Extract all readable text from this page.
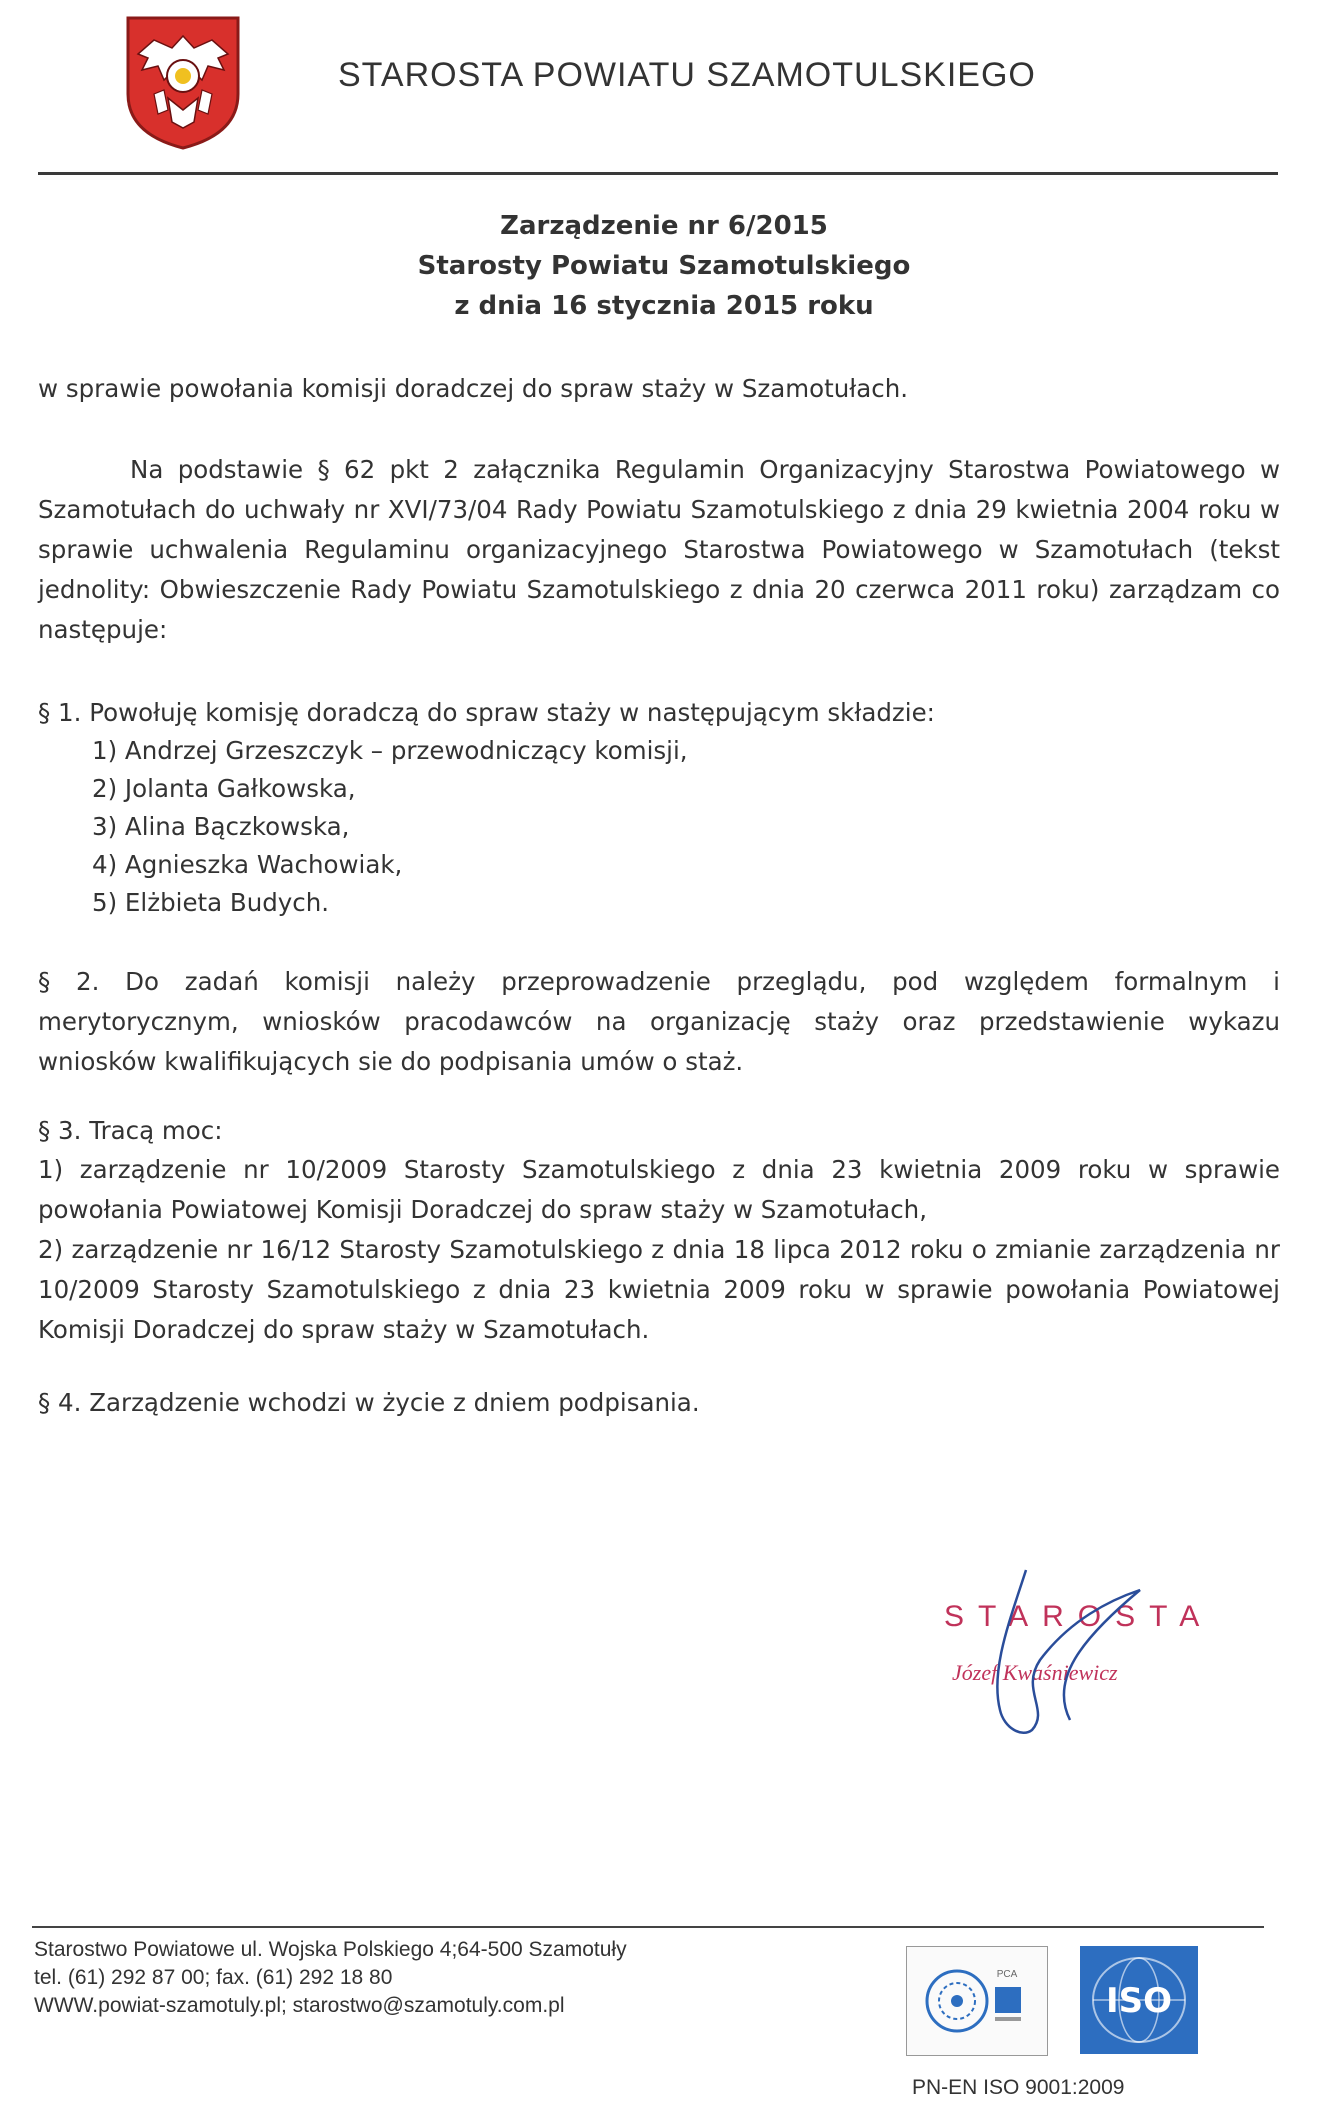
STAROSTA POWIATU SZAMOTULSKIEGO
Zarządzenie nr 6/2015
Starosty Powiatu Szamotulskiego
z dnia 16 stycznia 2015 roku
w sprawie powołania komisji doradczej do spraw staży w Szamotułach.
Na podstawie § 62 pkt 2 załącznika Regulamin Organizacyjny Starostwa Powiatowego w Szamotułach do uchwały nr XVI/73/04 Rady Powiatu Szamotulskiego z dnia 29 kwietnia 2004 roku w sprawie uchwalenia Regulaminu organizacyjnego Starostwa Powiatowego w Szamotułach (tekst jednolity: Obwieszczenie Rady Powiatu Szamotulskiego z dnia 20 czerwca 2011 roku) zarządzam co następuje:
§ 1. Powołuję komisję doradczą do spraw staży w następującym składzie:
1) Andrzej Grzeszczyk – przewodniczący komisji,
2) Jolanta Gałkowska,
3) Alina Bączkowska,
4) Agnieszka Wachowiak,
5) Elżbieta Budych.
§ 2. Do zadań komisji należy przeprowadzenie przeglądu, pod względem formalnym i merytorycznym, wniosków pracodawców na organizację staży oraz przedstawienie wykazu wniosków kwalifikujących sie do podpisania umów o staż.
§ 3. Tracą moc:
1) zarządzenie nr 10/2009 Starosty Szamotulskiego z dnia 23 kwietnia 2009 roku w sprawie powołania Powiatowej Komisji Doradczej do spraw staży w Szamotułach,
2) zarządzenie nr 16/12 Starosty Szamotulskiego z dnia 18 lipca 2012 roku o zmianie zarządzenia nr 10/2009 Starosty Szamotulskiego z dnia 23 kwietnia 2009 roku w sprawie powołania Powiatowej Komisji Doradczej do spraw staży w Szamotułach.
§ 4. Zarządzenie wchodzi w życie z dniem podpisania.
STAROSTA
Józef Kwaśniewicz
Starostwo Powiatowe ul. Wojska Polskiego 4;64-500 Szamotuły
tel. (61) 292 87 00; fax. (61) 292 18 80
WWW.powiat-szamotuly.pl; starostwo@szamotuly.com.pl
PCA
ISO
PN-EN ISO 9001:2009
